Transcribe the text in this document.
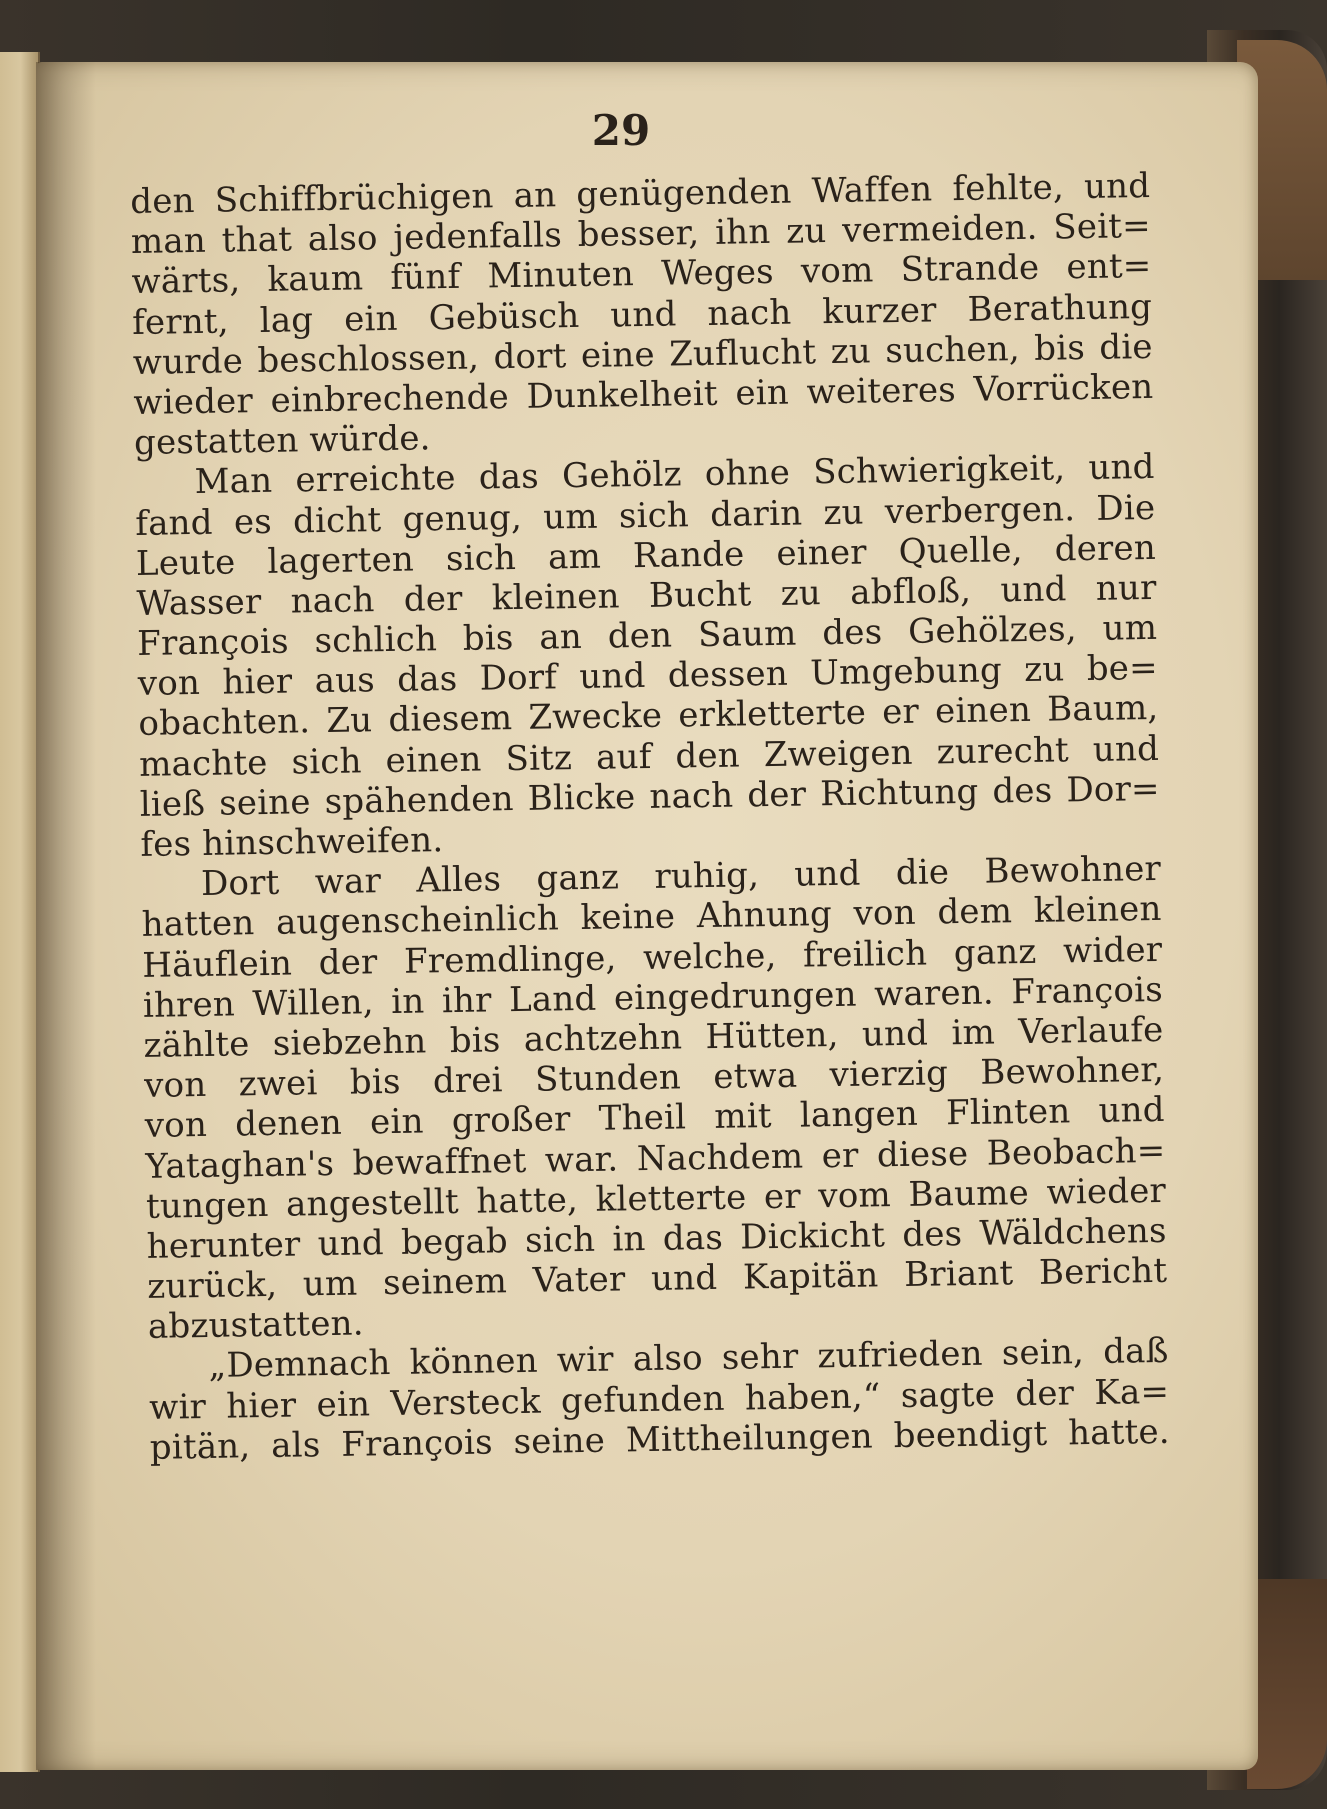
29
den Schiffbrüchigen an genügenden Waffen fehlte, und
man that also jedenfalls besser, ihn zu vermeiden. Seit=
wärts, kaum fünf Minuten Weges vom Strande ent=
fernt, lag ein Gebüsch und nach kurzer Berathung
wurde beschlossen, dort eine Zuflucht zu suchen, bis die
wieder einbrechende Dunkelheit ein weiteres Vorrücken
gestatten würde.
Man erreichte das Gehölz ohne Schwierigkeit, und
fand es dicht genug, um sich darin zu verbergen. Die
Leute lagerten sich am Rande einer Quelle, deren
Wasser nach der kleinen Bucht zu abfloß, und nur
François schlich bis an den Saum des Gehölzes, um
von hier aus das Dorf und dessen Umgebung zu be=
obachten. Zu diesem Zwecke erkletterte er einen Baum,
machte sich einen Sitz auf den Zweigen zurecht und
ließ seine spähenden Blicke nach der Richtung des Dor=
fes hinschweifen.
Dort war Alles ganz ruhig, und die Bewohner
hatten augenscheinlich keine Ahnung von dem kleinen
Häuflein der Fremdlinge, welche, freilich ganz wider
ihren Willen, in ihr Land eingedrungen waren. François
zählte siebzehn bis achtzehn Hütten, und im Verlaufe
von zwei bis drei Stunden etwa vierzig Bewohner,
von denen ein großer Theil mit langen Flinten und
Yataghan's bewaffnet war. Nachdem er diese Beobach=
tungen angestellt hatte, kletterte er vom Baume wieder
herunter und begab sich in das Dickicht des Wäldchens
zurück, um seinem Vater und Kapitän Briant Bericht
abzustatten.
„Demnach können wir also sehr zufrieden sein, daß
wir hier ein Versteck gefunden haben,“ sagte der Ka=
pitän, als François seine Mittheilungen beendigt hatte.
